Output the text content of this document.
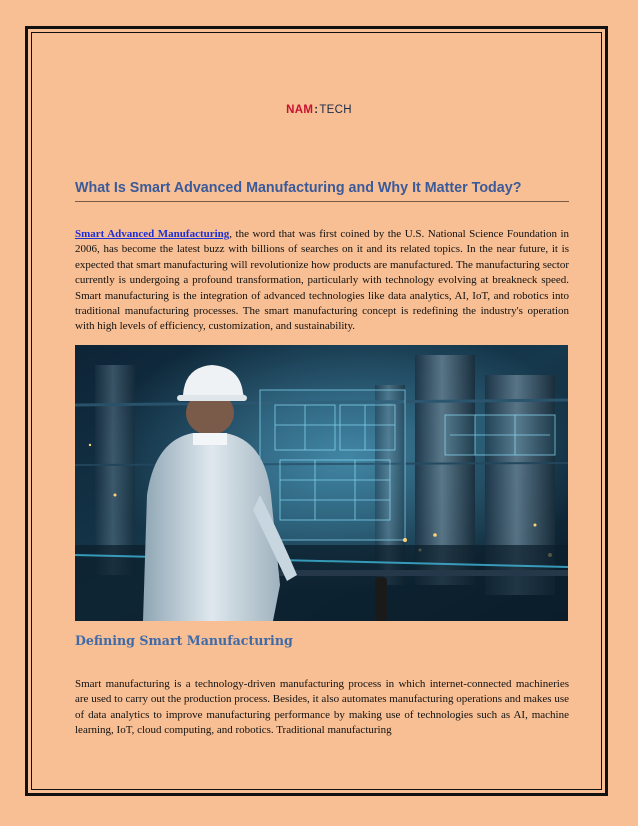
NAM:TECH
What Is Smart Advanced Manufacturing and Why It Matter Today?

Smart Advanced Manufacturing, the word that was first coined by the U.S. National Science Foundation in 2006, has become the latest buzz with billions of searches on it and its related topics. In the near future, it is expected that smart manufacturing will revolutionize how products are manufactured. The manufacturing sector currently is undergoing a profound transformation, particularly with technology evolving at breakneck speed. Smart manufacturing is the integration of advanced technologies like data analytics, AI, IoT, and robotics into traditional manufacturing processes. The smart manufacturing concept is redefining the industry's operation with high levels of efficiency, customization, and sustainability.

Defining Smart Manufacturing

Smart manufacturing is a technology-driven manufacturing process in which internet-connected machineries are used to carry out the production process. Besides, it also automates manufacturing operations and makes use of data analytics to improve manufacturing performance by making use of technologies such as AI, machine learning, IoT, cloud computing, and robotics. Traditional manufacturing
